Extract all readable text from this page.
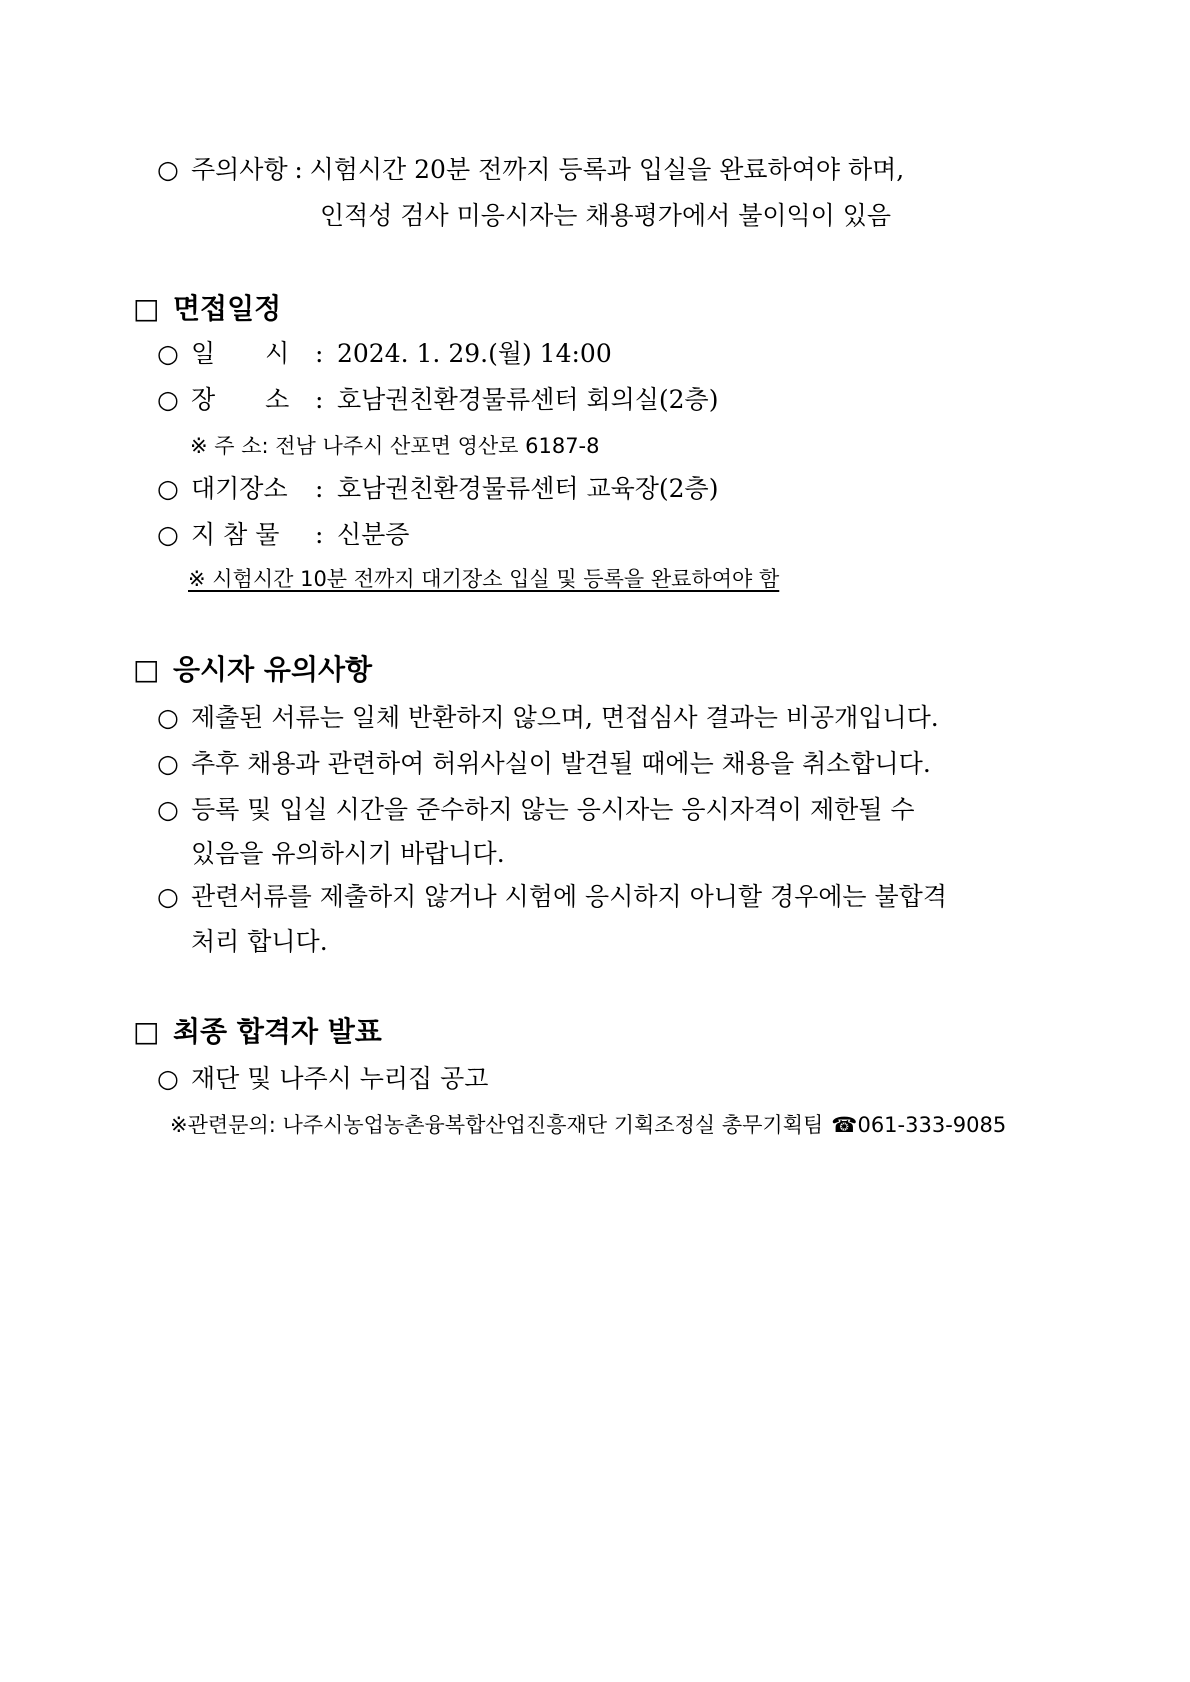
○ 주의사항 : 시험시간 20분 전까지 등록과 입실을 완료하여야 하며,
인적성 검사 미응시자는 채용평가에서 불이익이 있음
□ 면접일정
○ 일　　시 : 2024. 1. 29.(월) 14:00
○ 장　　소 : 호남권친환경물류센터 회의실(2층)
※ 주 소: 전남 나주시 산포면 영산로 6187-8
○ 대기장소 : 호남권친환경물류센터 교육장(2층)
○ 지 참 물 : 신분증
※ 시험시간 10분 전까지 대기장소 입실 및 등록을 완료하여야 함
□ 응시자 유의사항
○ 제출된 서류는 일체 반환하지 않으며, 면접심사 결과는 비공개입니다.
○ 추후 채용과 관련하여 허위사실이 발견될 때에는 채용을 취소합니다.
○ 등록 및 입실 시간을 준수하지 않는 응시자는 응시자격이 제한될 수
있음을 유의하시기 바랍니다.
○ 관련서류를 제출하지 않거나 시험에 응시하지 아니할 경우에는 불합격
처리 합니다.
□ 최종 합격자 발표
○ 재단 및 나주시 누리집 공고
※관련문의: 나주시농업농촌융복합산업진흥재단 기획조정실 총무기획팀 ☎061-333-9085
